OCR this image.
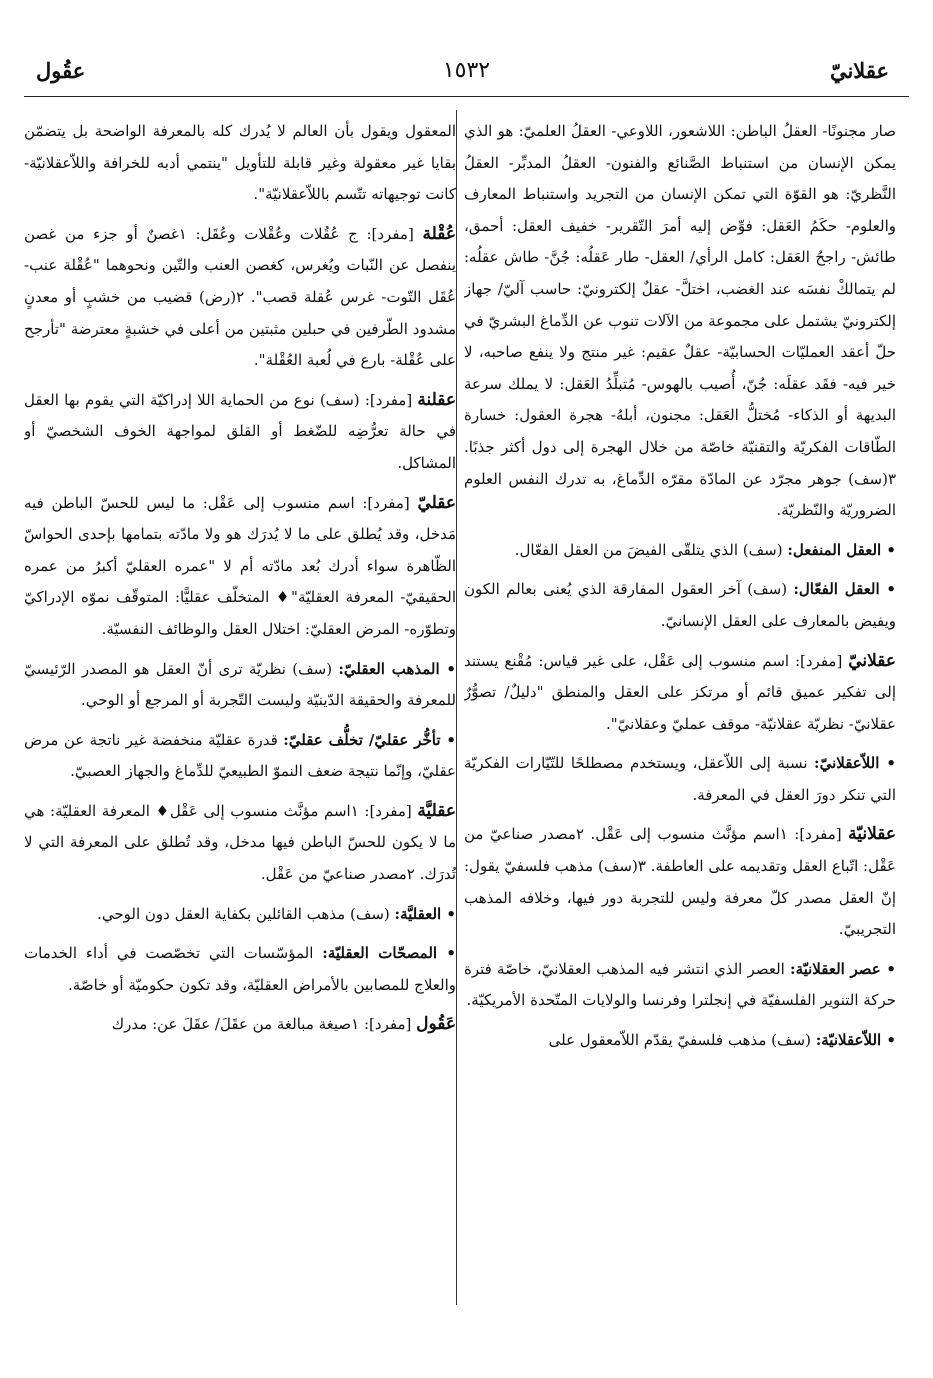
عقلانيّ
١٥٣٢
عقُول

صار مجنونًا- العقلُ الباطن: اللاشعور، اللاوعي- العقلُ العلميّ: هو الذي يمكن الإنسان من استنباط الصَّنائع والفنون- العقلُ المدبِّر- العقلُ النَّظريّ: هو القوّة التي تمكن الإنسان من التجريد واستنباط المعارف والعلوم- حكَمُ العَقل: فوِّض إليه أمرَ التّقرير- خفيف العقل: أحمق، طائش- راجحُ العَقل: كامل الرأي/ العقل- طار عَقلُه: جُنَّ- طاش عقلُه: لم يتمالكْ نفسَه عند الغضب، اختلَّ- عقلٌ إلكترونيّ: حاسب آليّ/ جهاز إلكترونيّ يشتمل على مجموعة من الآلات تنوب عن الدِّماغ البشريّ في حلّ أعقد العمليّات الحسابيّة- عقلٌ عقيم: غير منتج ولا ينفع صاحبه، لا خير فيه- فقَد عقلَه: جُنّ، أُصيب بالهوس- مُتبلِّدُ العَقل: لا يملك سرعة البديهة أو الذكاء- مُختلُّ العَقل: مجنون، أبلهُ- هجرة العقول: خسارة الطّاقات الفكريّة والتقنيّة خاصّة من خلال الهجرة إلى دول أكثر جذبًا. ٣(سف) جوهر مجرّد عن المادّة مقرّه الدِّماغ، به تدرك النفس العلوم الضروريّة والنّظريّة.

• العقل المنفعل: (سف) الذي يتلقّى الفيضَ من العقل الفعّال.

• العقل الفعّال: (سف) آخر العقول المفارقة الذي يُعنى بعالم الكون ويفيض بالمعارف على العقل الإنسانيّ.

عقلانيّ [مفرد]: اسم منسوب إلى عَقْل، على غير قياس: مُقْنع يستند إلى تفكير عميق قائم أو مرتكز على العقل والمنطق "دليلٌ/ تصوُّرٌ عقلانيّ- نظريّة عقلانيّة- موقف عمليّ وعقلانيّ".

• اللاّعقلانيّ: نسبة إلى اللاّعقل، ويستخدم مصطلحًا للتّيّارات الفكريّة التي تنكر دورَ العقل في المعرفة.

عقلانيّة [مفرد]: ١اسم مؤنَّث منسوب إلى عَقْل. ٢مصدر صناعيّ من عَقْل: اتّباع العقل وتقديمه على العاطفة. ٣(سف) مذهب فلسفيّ يقول: إنّ العقل مصدر كلّ معرفة وليس للتجربة دور فيها، وخلافه المذهب التجريبيّ.

• عصر العقلانيّة: العصر الذي انتشر فيه المذهب العقلانيّ، خاصّة فترة حركة التنوير الفلسفيّة في إنجلترا وفرنسا والولايات المتّحدة الأمريكيّة.

• اللاّعقلانيّة: (سف) مذهب فلسفيّ يقدّم اللاّمعقول على

المعقول ويقول بأن العالم لا يُدرك كله بالمعرفة الواضحة بل يتضمّن بقايا غير معقولة وغير قابلة للتأويل "ينتمي أدبه للخرافة واللاّعقلانيّة- كانت توجيهاته تتّسم باللاّعقلانيّة".

عُقْلة [مفرد]: ج عُقُلات وعُقْلات وعُقَل: ١غصنٌ أو جزء من غصن ينفصل عن النّبات ويُغرس، كغصن العنب والتّين ونحوهما "عُقْلة عنب- عُقَل التّوت- غرس عُقلة قصب". ٢(رض) قضيب من خشبٍ أو معدنٍ مشدود الطّرفين في حبلين مثبتين من أعلى في خشبةٍ معترضة "تأرجح على عُقْلة- بارع في لُعبة العُقْلة".

عقلنة [مفرد]: (سف) نوع من الحماية اللا إدراكيّة التي يقوم بها العقل في حالة تعرُّضِه للضّغط أو القلق لمواجهة الخوف الشخصيّ أو المشاكل.

عقليّ [مفرد]: اسم منسوب إلى عَقْل: ما ليس للحسّ الباطن فيه مَدخل، وقد يُطلق على ما لا يُدرَك هو ولا مادّته بتمامها بإحدى الحواسّ الظّاهرة سواء أدرك بُعد مادّته أم لا "عمره العقليّ أكبرُ من عمره الحقيقيّ- المعرفة العقليّة"♦ المتخلّف عقليًّا: المتوقّف نموّه الإدراكيّ وتطوّره- المرض العقليّ: اختلال العقل والوظائف النفسيّة.

• المذهب العقليّ: (سف) نظريّة ترى أنّ العقل هو المصدر الرّئيسيّ للمعرفة والحقيقة الدّينيّة وليست التّجربة أو المرجع أو الوحي.

• تأخُّر عقليّ/ تخلُّف عقليّ: قدرة عقليّة منخفضة غير ناتجة عن مرض عقليّ، وإنّما نتيجة ضعف النموّ الطبيعيّ للدِّماغ والجهاز العصبيّ.

عقليَّة [مفرد]: ١اسم مؤنَّث منسوب إلى عَقْل♦ المعرفة العقليّة: هي ما لا يكون للحسّ الباطن فيها مدخل، وقد تُطلق على المعرفة التي لا تُدرَك. ٢مصدر صناعيّ من عَقْل.

• العقليَّة: (سف) مذهب القائلين بكفاية العقل دون الوحي.

• المصحّات العقليّة: المؤسّسات التي تخصّصت في أداء الخدمات والعلاج للمصابين بالأمراض العقليّة، وقد تكون حكوميّة أو خاصّة.

عَقُول [مفرد]: ١صيغة مبالغة من عقَلَ/ عقَلَ عن: مدرك
